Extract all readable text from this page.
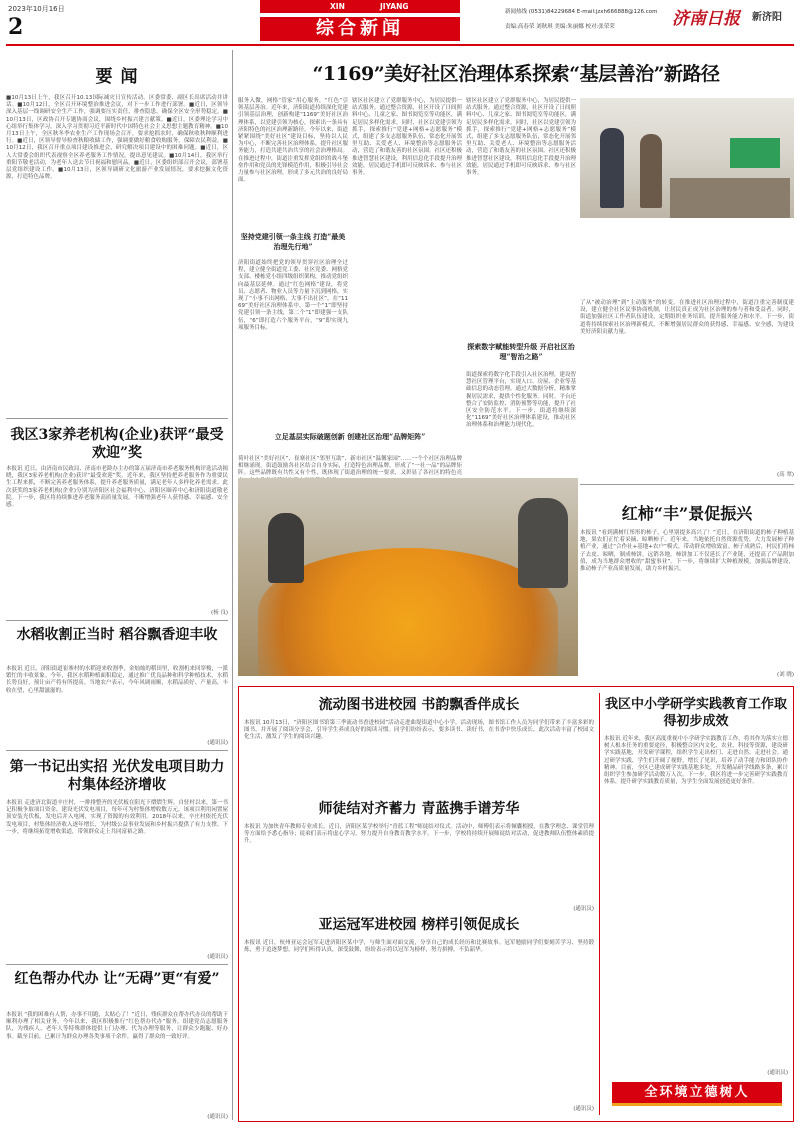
2023年10月16日
2
XIN	JIYANG
综合新闻
新闻热线 (0531)84229684 E-mail:jzxh666888@126.com
责编:高春荣 刘秋琪 美编:朱丽娜 校对:张荣荣	济南日报 新济阳
要 闻
■10月13日上午，我区召开10.13国际减灾日宣传活动。区委常委、副区长出席活动并讲话。■10月12日，全区召开环境整治推进会议，对下一步工作进行部署。■近日，区领导深入基层一线调研安全生产工作，强调要压实责任，排查隐患，确保全区安全形势稳定。■10月13日，区政协召开专题协商会议，围绕乡村振兴建言献策。■近日，区委理论学习中心组举行集体学习，深入学习贯彻习近平新时代中国特色社会主义思想主题教育精神。■10月13日上午，全区秋冬季农业生产工作现场会召开，要求抢抓农时，确保秋收秋种顺利进行。■近日，区领导督导检查秋粮收储工作，强调要做好粮食收购服务，保障农民利益。■10月12日，我区召开重点项目建设推进会，研究解决项目建设中的困难问题。■近日，区人大常委会组织代表视察全区养老服务工作情况，提出意见建议。■10月14日，我区举行重阳节敬老活动，为老年人送去节日祝福和慰问品。■近日，区委组织部召开会议，部署基层党组织建设工作。■10月13日，区领导调研文化旅游产业发展情况，要求挖掘文化资源，打造特色品牌。
我区3家养老机构(企业)获评“最受欢迎”奖
本报讯 近日，由济南市民政局、济南市老龄办主办的第五届济南市养老服务机构评选活动揭晓，我区3家养老机构(企业)获评“最受欢迎”奖。近年来，我区坚持把养老服务作为重要民生工程来抓，不断完善养老服务体系，提升养老服务质量，满足老年人多样化养老需求。此次获奖的3家养老机构(企业)分别为济阳区社会福利中心、济阳区颐养中心和济阳街道敬老院。下一步，我区将持续推进养老服务高质量发展，不断增强老年人获得感、幸福感、安全感。
(杨 良)
水稻收割正当时 稻谷飘香迎丰收
本报讯 近日，济阳街道崔寨村的水稻迎来收割季，金灿灿的稻田里，收割机来回穿梭，一派繁忙的丰收景象。今年，我区水稻种植面积稳定，通过推广优良品种和科学种植技术，水稻长势良好，预计亩产将有所提高。当地农户表示，今年风调雨顺，水稻品质好、产量高，丰收在望，心里甜滋滋的。
(通讯员)
第一书记出实招 光伏发电项目助力村集体经济增收
本报讯 走进济北街道辛庄村，一排排整齐的光伏板在阳光下熠熠生辉。自驻村以来，第一书记积极争取项目资金，建设光伏发电项目，每年可为村集体增收数万元。该项目利用闲置屋顶安装光伏板，发电后并入电网，实现了资源的有效利用。2018年以来，辛庄村依托光伏发电项目，村集体经济收入逐年增长，为村级公益事业发展和乡村振兴提供了有力支撑。下一步，将继续拓宽增收渠道，带领群众走上共同富裕之路。
(通讯员)
红色帮办代办 让“无碍”更“有爱”
本报讯 “我的困难有人帮，办事不用跑，太贴心了！”近日，残疾群众在帮办代办员的帮助下顺利办理了相关业务。今年以来，我区积极推行“红色帮办代办”服务，组建党员志愿服务队，为残疾人、老年人等特殊群体提供上门办理、代为办理等服务，让群众少跑腿、好办事。截至目前，已累计为群众办理各类事项千余件，赢得了群众的一致好评。
(通讯员)
“1169”美好社区治理体系探索“基层善治”新路径
服务入微，网格“管家”用心服务，“红色”引领基层善治。近年来，济阳街道持续深化党建引领基层治理，创新构建“1169”美好社区治理体系，以党建引领为核心，探索出一条具有济阳特色的社区治理新路径。今年以来，街道紧紧围绕“美好社区”建设目标，坚持以人民为中心，不断完善社区治理体系，提升社区服务能力，打造共建共治共享的社会治理格局。在推进过程中，街道注重发挥党组织的战斗堡垒作用和党员的先锋模范作用，积极引导社会力量参与社区治理，形成了多元共治的良好局面。
坚持党建引领一条主线 打造“最美治理先行地”
济阳街道始终把党的领导贯穿社区治理全过程，建立健全街道党工委、社区党委、网格党支部、楼栋党小组四级组织架构，推动党组织向最基层延伸。通过“红色网格”建设，将党员、志愿者、物业人员等力量下沉到网格，实现了“小事不出网格、大事不出社区”。在“1169”美好社区治理体系中，第一个“1”即坚持党建引领一条主线，第二个“1”即建强一支队伍，“6”即打造六个服务平台，“9”即实现九项服务目标。
辖区社区建立了党群服务中心，为居民提供一站式服务。通过整合资源，社区开设了日间照料中心、儿童之家、图书阅览室等功能区，满足居民多样化需求。同时，社区以党建引领为抓手，探索推行“党建+网格+志愿服务”模式，组建了多支志愿服务队伍，常态化开展邻里互助、关爱老人、环境整治等志愿服务活动，营造了和谐友善的社区氛围。社区还积极推进智慧社区建设，利用信息化手段提升治理效能，居民通过手机即可反映诉求、参与社区事务。
立足基层实际破题创新 创建社区治理“品牌矩阵”
荷叶社区“美好社区”、崔寨社区“邻里互助”、新市社区“温馨家园”……一个个社区治理品牌相继涌现。街道鼓励各社区结合自身实际，打造特色治理品牌，形成了“一社一品”的品牌矩阵。这些品牌既有共性又有个性，既体现了街道治理的统一要求，又彰显了各社区的特色亮
辖区社区建立了党群服务中心，为居民提供一站式服务。通过整合资源，社区开设了日间照料中心、儿童之家、图书阅览室等功能区，满足居民多样化需求。同时，社区以党建引领为抓手，探索推行“党建+网格+志愿服务”模式，组建了多支志愿服务队伍，常态化开展邻里互助、关爱老人、环境整治等志愿服务活动，营造了和谐友善的社区氛围。社区还积极推进智慧社区建设，利用信息化手段提升治理效能，居民通过手机即可反映诉求、参与社区事务。
探索数字赋能转型升级 开启社区治理“智治之路”
街道探索将数字化手段引入社区治理，建设智慧社区管理平台，实现人口、房屋、企业等基础信息的动态管理。通过大数据分析，精准掌握居民需求，提供个性化服务。同时，平台还整合了安防监控、消防预警等功能，提升了社区安全防范水平。下一步，街道将继续深化“1169”美好社区治理体系建设，推动社区治理体系和治理能力现代化。
了从“被动治理”到“主动服务”的转变。在推进社区治理过程中，街道注重完善制度建设，建立健全社区议事协商机制，让居民真正成为社区治理的参与者和受益者。同时，街道加强社区工作者队伍建设，定期组织业务培训，提升服务能力和水平。下一步，街道将持续探索社区治理新模式，不断增强居民群众的获得感、幸福感、安全感，为建设美好济阳贡献力量。
(高 翠)
红柿“丰”景促振兴
本报讯 “看到满树红彤彤的柿子，心里别提多高兴了！”近日，在济阳街道的柿子种植基地，果农们正忙着采摘、晾晒柿子。近年来，当地依托自然资源优势，大力发展柿子种植产业，通过“合作社+基地+农户”模式，带动群众增收致富。柿子成熟后，村民们将柿子去皮、晾晒，制成柿饼，远销各地。柿饼加工不仅延长了产业链，还提高了产品附加值，成为当地群众增收的“甜蜜事业”。下一步，将继续扩大种植规模，加强品牌建设，推动柿子产业高质量发展，助力乡村振兴。
(刘 晓)
流动图书进校园 书韵飘香伴成长
本报讯 10月13日，“济阳区图书馆第三季流动书香进校园”活动走进曲堤街道中心小学。活动现场，图书馆工作人员为同学们带来了丰富多彩的图书，并开展了阅读分享会，引导学生养成良好的阅读习惯。同学们纷纷表示，要多读书、读好书，在书香中快乐成长。此次活动丰富了校园文化生活，激发了学生的阅读兴趣。
师徒结对齐蓄力 青蓝携手谱芳华
本报讯 为加快青年教师专业成长，近日，济阳区某学校举行“青蓝工程”师徒结对仪式。活动中，师傅们表示将倾囊相授，在教学理念、课堂管理等方面给予悉心指导；徒弟们表示将虚心学习，努力提升自身教育教学水平。下一步，学校将持续开展师徒结对活动，促进教师队伍整体素质提升。
(通讯员)
亚运冠军进校园 榜样引领促成长
本报讯 近日，杭州亚运会冠军走进济阳区某中学，与师生面对面交流，分享自己的成长经历和比赛故事。冠军勉励同学们要刻苦学习、坚持锻炼，勇于追逐梦想。同学们听得认真，深受鼓舞，纷纷表示将以冠军为榜样，努力拼搏，不负韶华。
(通讯员)
我区中小学研学实践教育工作取得初步成效
本报讯 近年来，我区高度重视中小学研学实践教育工作，将其作为落实立德树人根本任务的重要途径，积极整合区内文化、农业、科技等资源，建设研学实践基地，开发研学课程，组织学生走出校门、走进自然、走进社会。通过研学实践，学生们开阔了视野，增长了见识，培养了动手能力和团队协作精神。目前，全区已建成研学实践基地多处，开发精品研学线路多条，累计组织学生参加研学活动数万人次。下一步，我区将进一步完善研学实践教育体系，提升研学实践教育质量，为学生全面发展创造更好条件。
(通讯员)
全环境立德树人
